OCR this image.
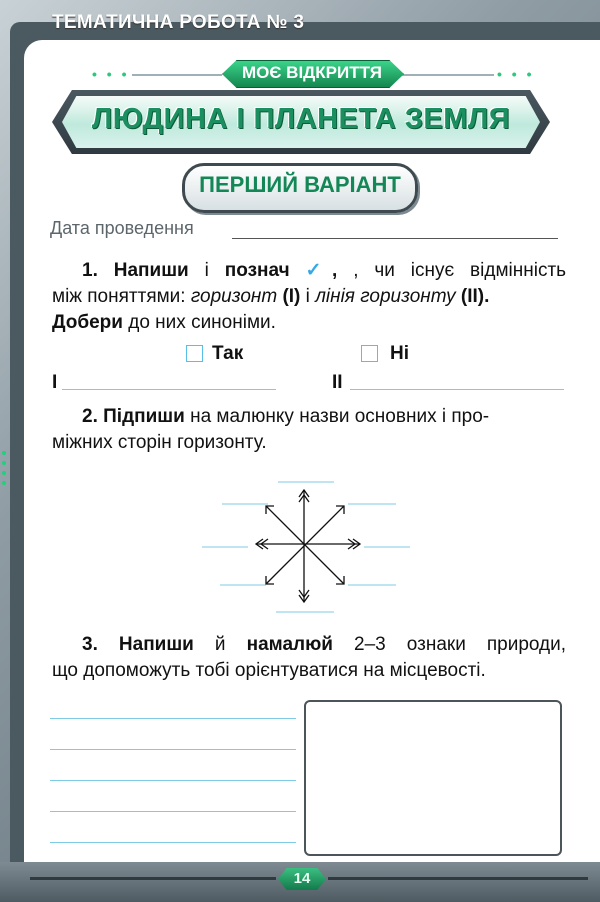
ТЕМАТИЧНА РОБОТА № 3
• • •	• • •
МОЄ ВІДКРИТТЯ
ЛЮДИНА І ПЛАНЕТА ЗЕМЛЯ
ПЕРШИЙ ВАРІАНТ
Дата проведення
1. Напиши і познач ✓, , чи існує відмінність
між поняттями: горизонт (I) і лінія горизонту (II).
Добери до них синоніми.
Так	Ні
I	II
2. Підпиши на малюнку назви основних і про-
міжних сторін горизонту.
3. Напиши й намалюй 2–3 ознаки природи,
що допоможуть тобі орієнтуватися на місцевості.
14
